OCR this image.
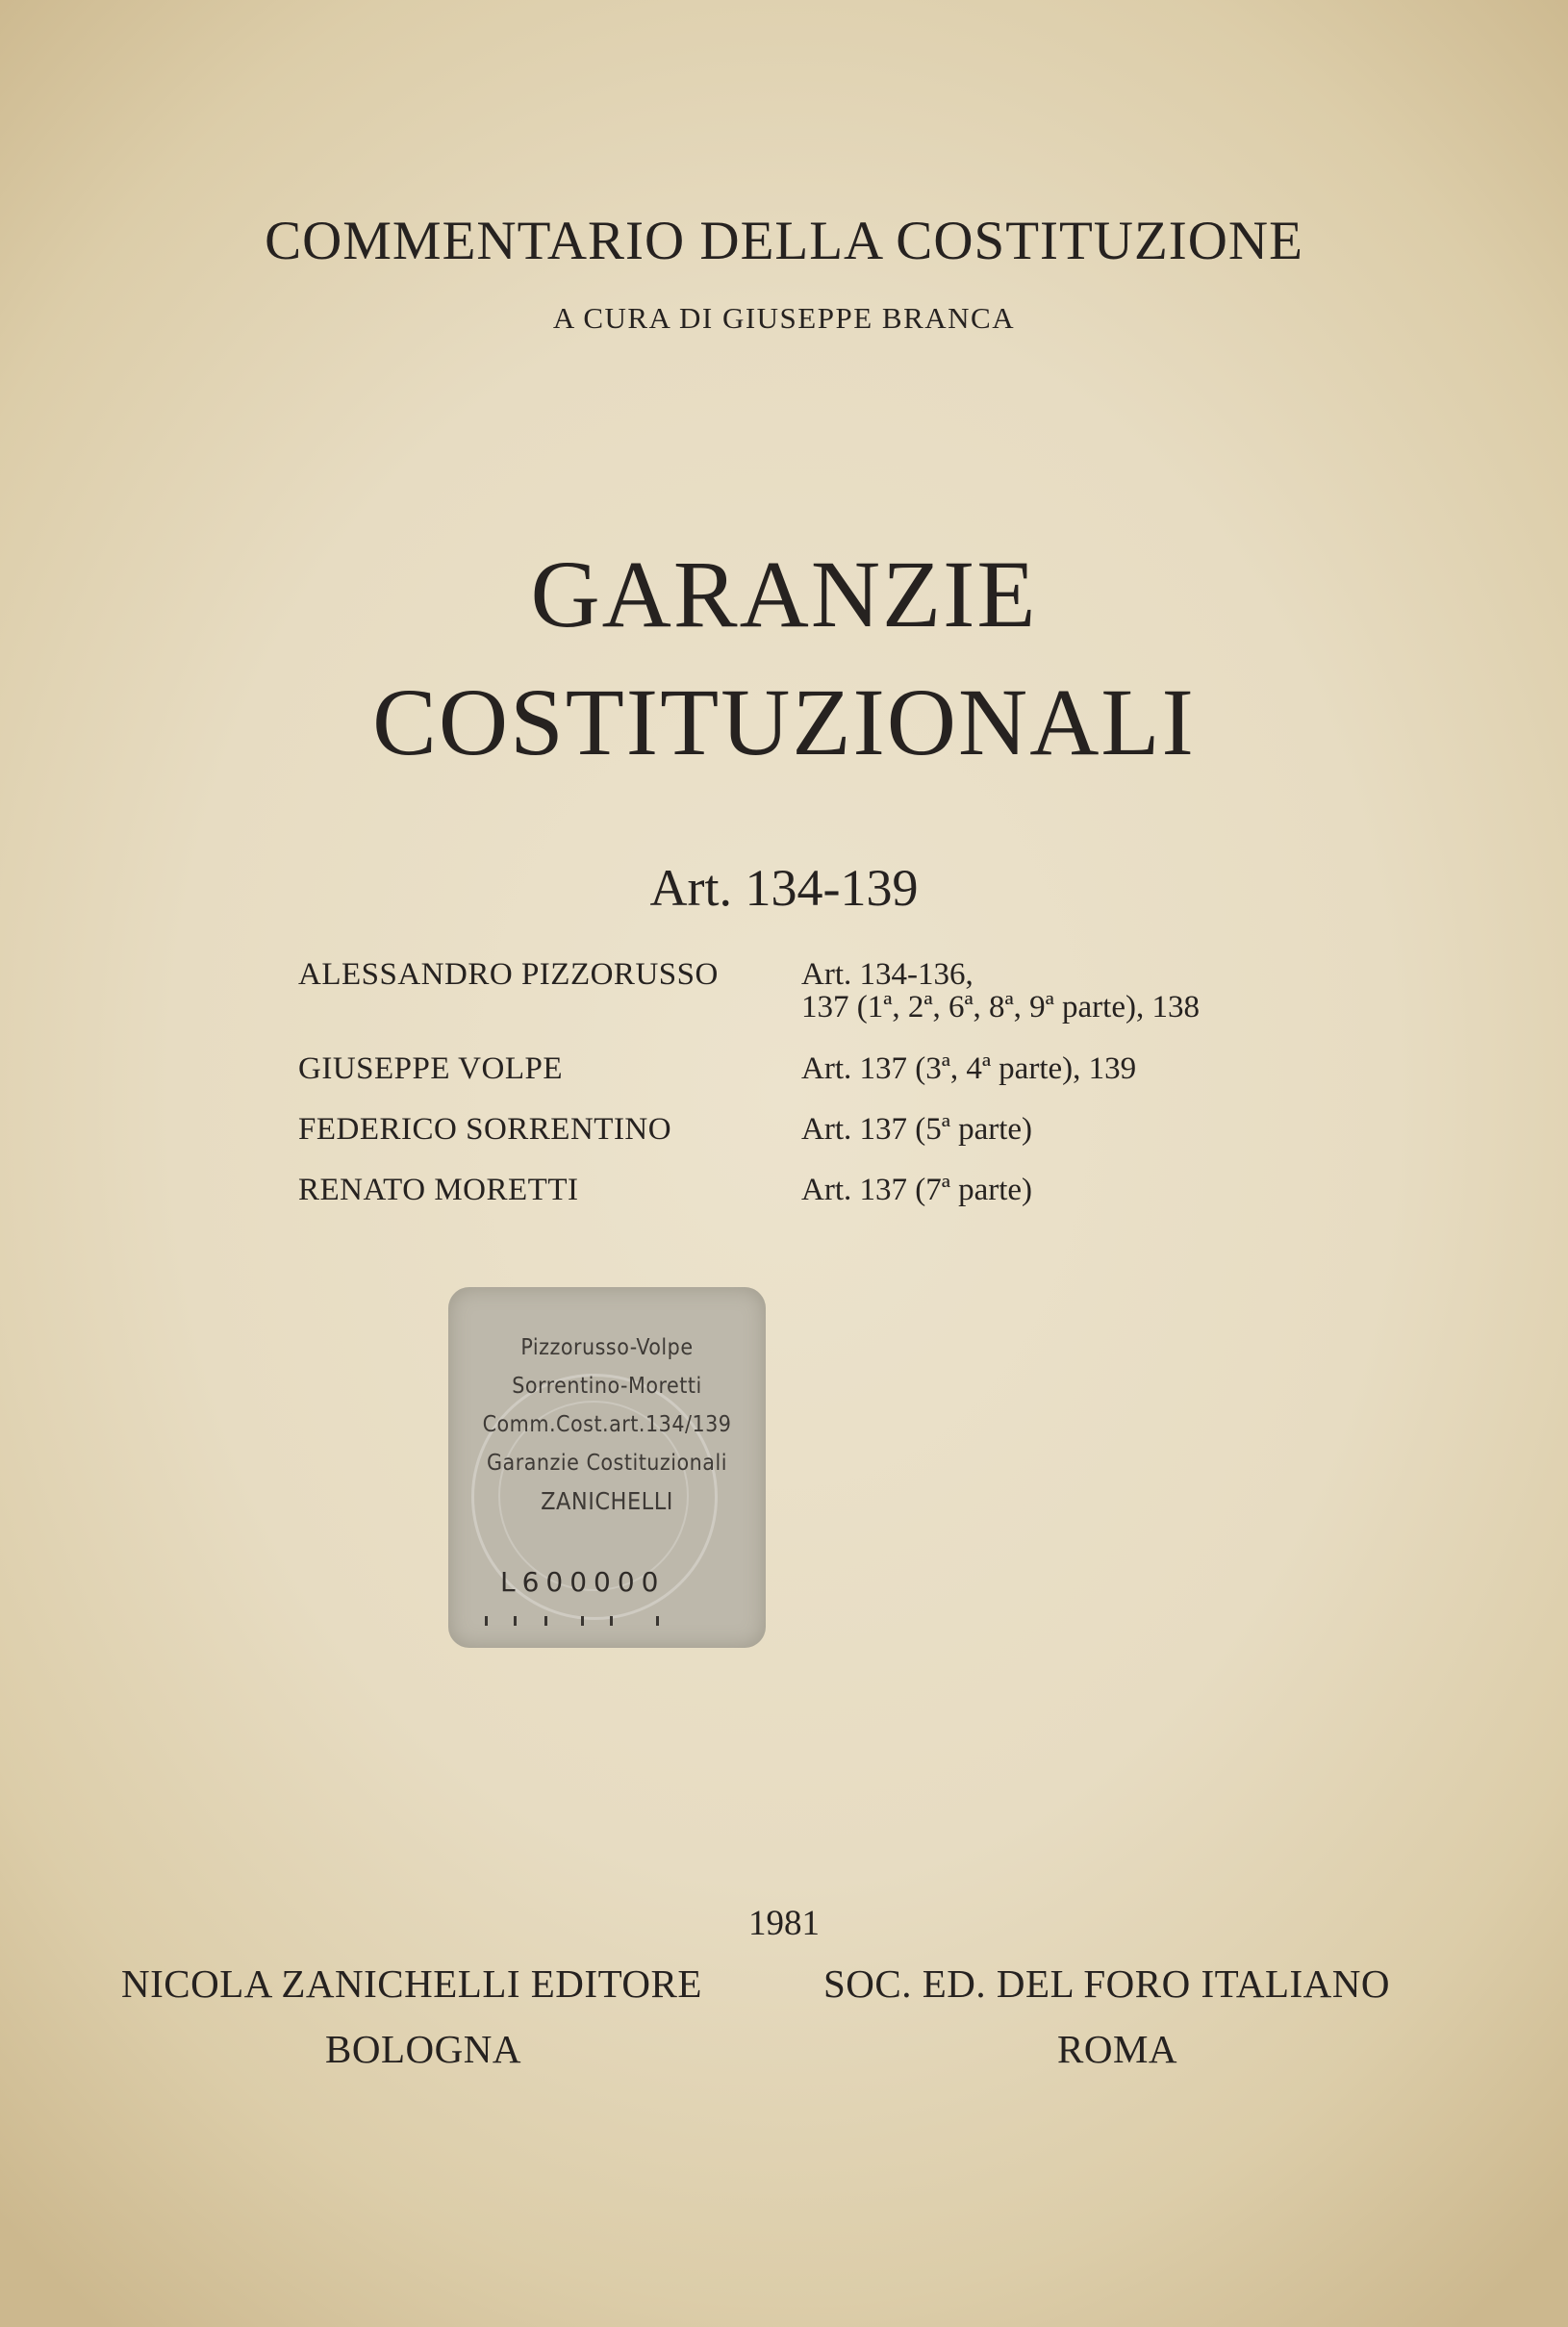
COMMENTARIO DELLA COSTITUZIONE
A CURA DI GIUSEPPE BRANCA
GARANZIE
COSTITUZIONALI
Art. 134-139
ALESSANDRO PIZZORUSSO	Art. 134-136,
137 (1ª, 2ª, 6ª, 8ª, 9ª parte), 138
GIUSEPPE VOLPE	Art. 137 (3ª, 4ª parte), 139
FEDERICO SORRENTINO	Art. 137 (5ª parte)
RENATO MORETTI	Art. 137 (7ª parte)
Pizzorusso-Volpe
Sorrentino-Moretti
Comm.Cost.art.134/139
Garanzie Costituzionali
ZANICHELLI
L600000
1981
NICOLA ZANICHELLI EDITORE	SOC. ED. DEL FORO ITALIANO
BOLOGNA	ROMA
